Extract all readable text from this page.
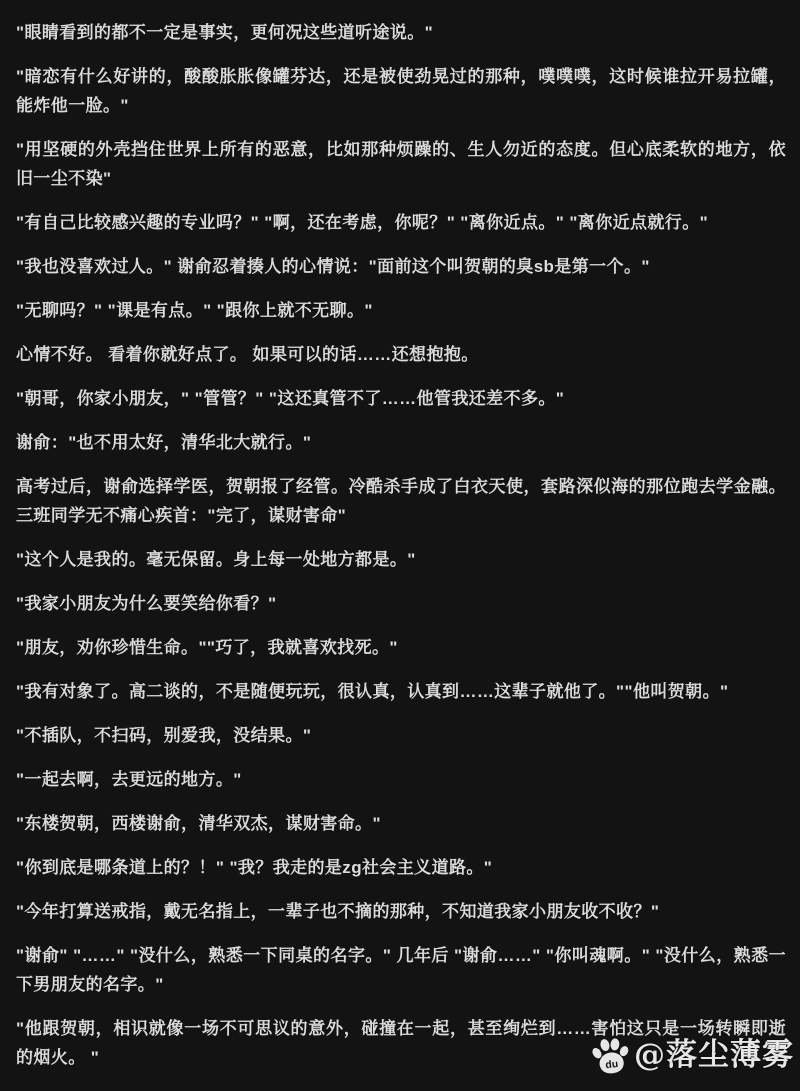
"眼睛看到的都不一定是事实，更何况这些道听途说。"

"暗恋有什么好讲的，酸酸胀胀像罐芬达，还是被使劲晃过的那种，噗噗噗，这时候谁拉开易拉罐，能炸他一脸。"

"用坚硬的外壳挡住世界上所有的恶意，比如那种烦躁的、生人勿近的态度。但心底柔软的地方，依旧一尘不染"

"有自己比较感兴趣的专业吗？" "啊，还在考虑，你呢？" "离你近点。" "离你近点就行。"

"我也没喜欢过人。" 谢俞忍着揍人的心情说："面前这个叫贺朝的臭sb是第一个。"

"无聊吗？" "课是有点。" "跟你上就不无聊。"

心情不好。 看着你就好点了。 如果可以的话……还想抱抱。

"朝哥，你家小朋友，" "管管？" "这还真管不了……他管我还差不多。"

谢俞："也不用太好，清华北大就行。"

高考过后，谢俞选择学医，贺朝报了经管。冷酷杀手成了白衣天使，套路深似海的那位跑去学金融。三班同学无不痛心疾首："完了，谋财害命"

"这个人是我的。毫无保留。身上每一处地方都是。"

"我家小朋友为什么要笑给你看？"

"朋友，劝你珍惜生命。""巧了，我就喜欢找死。"

"我有对象了。高二谈的，不是随便玩玩，很认真，认真到……这辈子就他了。""他叫贺朝。"

"不插队，不扫码，别爱我，没结果。"

"一起去啊，去更远的地方。"

"东楼贺朝，西楼谢俞，清华双杰，谋财害命。"

"你到底是哪条道上的？！" "我？我走的是zg社会主义道路。"

"今年打算送戒指，戴无名指上，一辈子也不摘的那种，不知道我家小朋友收不收？"

"谢俞" "……" "没什么，熟悉一下同桌的名字。" 几年后 "谢俞……" "你叫魂啊。" "没什么，熟悉一下男朋友的名字。"

"他跟贺朝，相识就像一场不可思议的意外，碰撞在一起，甚至绚烂到……害怕这只是一场转瞬即逝的烟火。 "	du @落尘薄雾
